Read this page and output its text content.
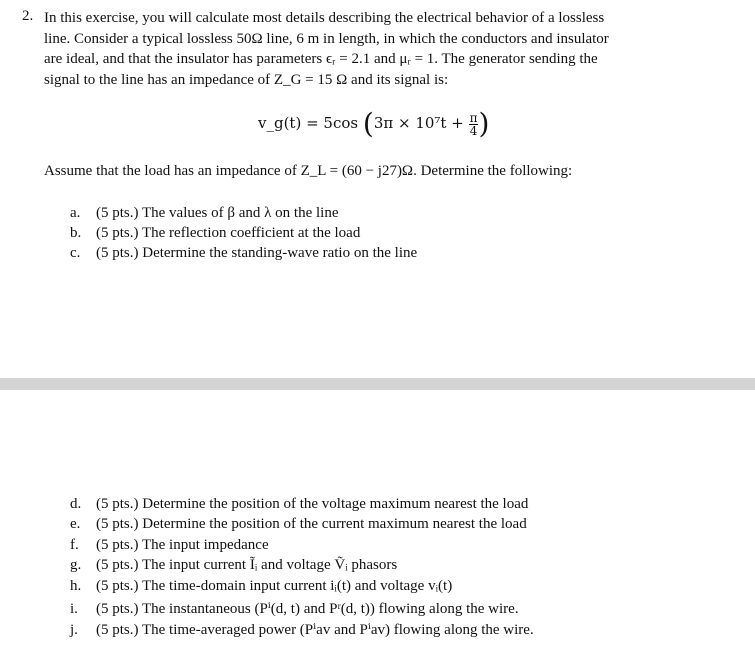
2. In this exercise, you will calculate most details describing the electrical behavior of a lossless
line. Consider a typical lossless 50Ω line, 6 m in length, in which the conductors and insulator
are ideal, and that the insulator has parameters ϵᵣ = 2.1 and μᵣ = 1. The generator sending the
signal to the line has an impedance of Z_G = 15 Ω and its signal is:
v_g(t) = 5cos ($3\pi \times 10^7t + \frac{\pi}{4}$ )
Assume that the load has an impedance of Z_L = (60 − j27)Ω. Determine the following:
a. (5 pts.) The values of β and λ on the line
b. (5 pts.) The reflection coefficient at the load
c. (5 pts.) Determine the standing-wave ratio on the line
d. (5 pts.) Determine the position of the voltage maximum nearest the load
e. (5 pts.) Determine the position of the current maximum nearest the load
f. (5 pts.) The input impedance
g. (5 pts.) The input current Ĩᵢ and voltage Ṽᵢ phasors
h. (5 pts.) The time-domain input current iᵢ(t) and voltage vᵢ(t)
i. (5 pts.) The instantaneous (Pⁱ(d, t) and Pʳ(d, t)) flowing along the wire.
j. (5 pts.) The time-averaged power (Pⁱav and Pⁱav) flowing along the wire.
